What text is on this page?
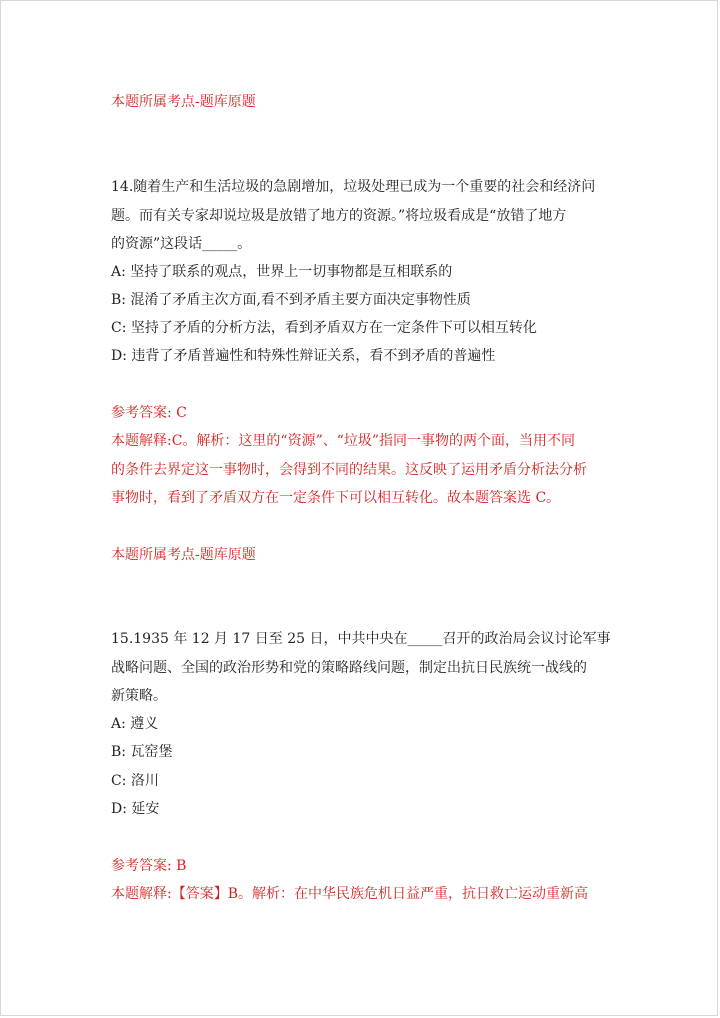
本题所属考点-题库原题
14.随着生产和生活垃圾的急剧增加，垃圾处理已成为一个重要的社会和经济问
题。而有关专家却说垃圾是放错了地方的资源。”将垃圾看成是“放错了地方
的资源”这段话_____。
A: 坚持了联系的观点，世界上一切事物都是互相联系的
B: 混淆了矛盾主次方面,看不到矛盾主要方面决定事物性质
C: 坚持了矛盾的分析方法，看到矛盾双方在一定条件下可以相互转化
D: 违背了矛盾普遍性和特殊性辩证关系，看不到矛盾的普遍性
参考答案: C
本题解释:C。解析：这里的“资源”、“垃圾”指同一事物的两个面，当用不同
的条件去界定这一事物时，会得到不同的结果。这反映了运用矛盾分析法分析
事物时，看到了矛盾双方在一定条件下可以相互转化。故本题答案选 C。
本题所属考点-题库原题
15.1935 年 12 月 17 日至 25 日，中共中央在_____召开的政治局会议讨论军事
战略问题、全国的政治形势和党的策略路线问题，制定出抗日民族统一战线的
新策略。
A: 遵义
B: 瓦窑堡
C: 洛川
D: 延安
参考答案: B
本题解释:【答案】B。解析：在中华民族危机日益严重，抗日救亡运动重新高
